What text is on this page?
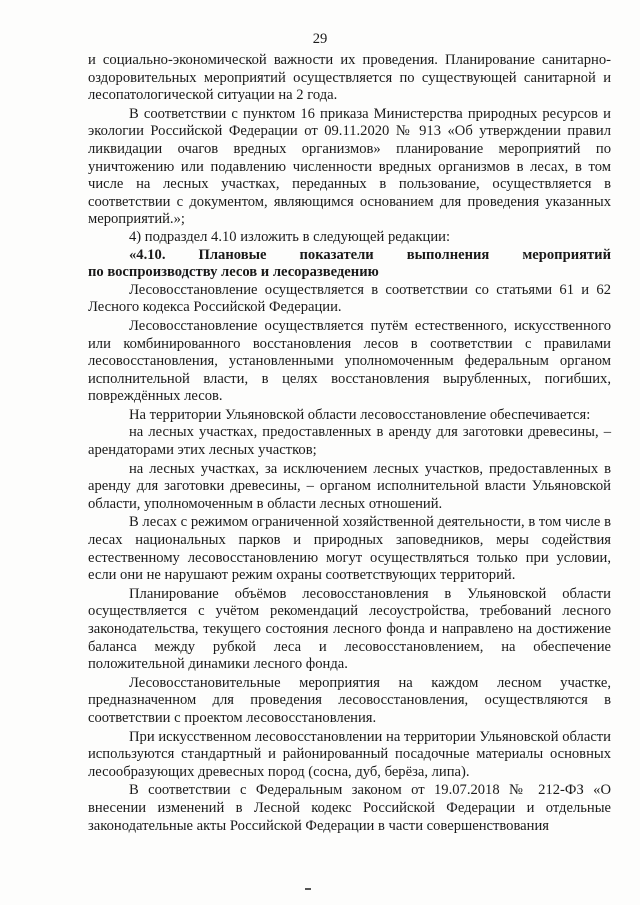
29

и социально-экономической важности их проведения. Планирование санитарно-оздоровительных мероприятий осуществляется по существующей санитарной и лесопатологической ситуации на 2 года.

В соответствии с пунктом 16 приказа Министерства природных ресурсов и экологии Российской Федерации от 09.11.2020 № 913 «Об утверждении правил ликвидации очагов вредных организмов» планирование мероприятий по уничтожению или подавлению численности вредных организмов в лесах, в том числе на лесных участках, переданных в пользование, осуществляется в соответствии с документом, являющимся основанием для проведения указанных мероприятий.»;

4) подраздел 4.10 изложить в следующей редакции:

«4.10. Плановые показатели выполнения мероприятий
по воспроизводству лесов и лесоразведению

Лесовосстановление осуществляется в соответствии со статьями 61 и 62 Лесного кодекса Российской Федерации.

Лесовосстановление осуществляется путём естественного, искусственного или комбинированного восстановления лесов в соответствии с правилами лесовосстановления, установленными уполномоченным федеральным органом исполнительной власти, в целях восстановления вырубленных, погибших, повреждённых лесов.

На территории Ульяновской области лесовосстановление обеспечивается:

на лесных участках, предоставленных в аренду для заготовки древесины, – арендаторами этих лесных участков;

на лесных участках, за исключением лесных участков, предоставленных в аренду для заготовки древесины, – органом исполнительной власти Ульяновской области, уполномоченным в области лесных отношений.

В лесах с режимом ограниченной хозяйственной деятельности, в том числе в лесах национальных парков и природных заповедников, меры содействия естественному лесовосстановлению могут осуществляться только при условии, если они не нарушают режим охраны соответствующих территорий.

Планирование объёмов лесовосстановления в Ульяновской области осуществляется с учётом рекомендаций лесоустройства, требований лесного законодательства, текущего состояния лесного фонда и направлено на достижение баланса между рубкой леса и лесовосстановлением, на обеспечение положительной динамики лесного фонда.

Лесовосстановительные мероприятия на каждом лесном участке, предназначенном для проведения лесовосстановления, осуществляются в соответствии с проектом лесовосстановления.

При искусственном лесовосстановлении на территории Ульяновской области используются стандартный и районированный посадочные материалы основных лесообразующих древесных пород (сосна, дуб, берёза, липа).

В соответствии с Федеральным законом от 19.07.2018 № 212-ФЗ «О внесении изменений в Лесной кодекс Российской Федерации и отдельные законодательные акты Российской Федерации в части совершенствования
